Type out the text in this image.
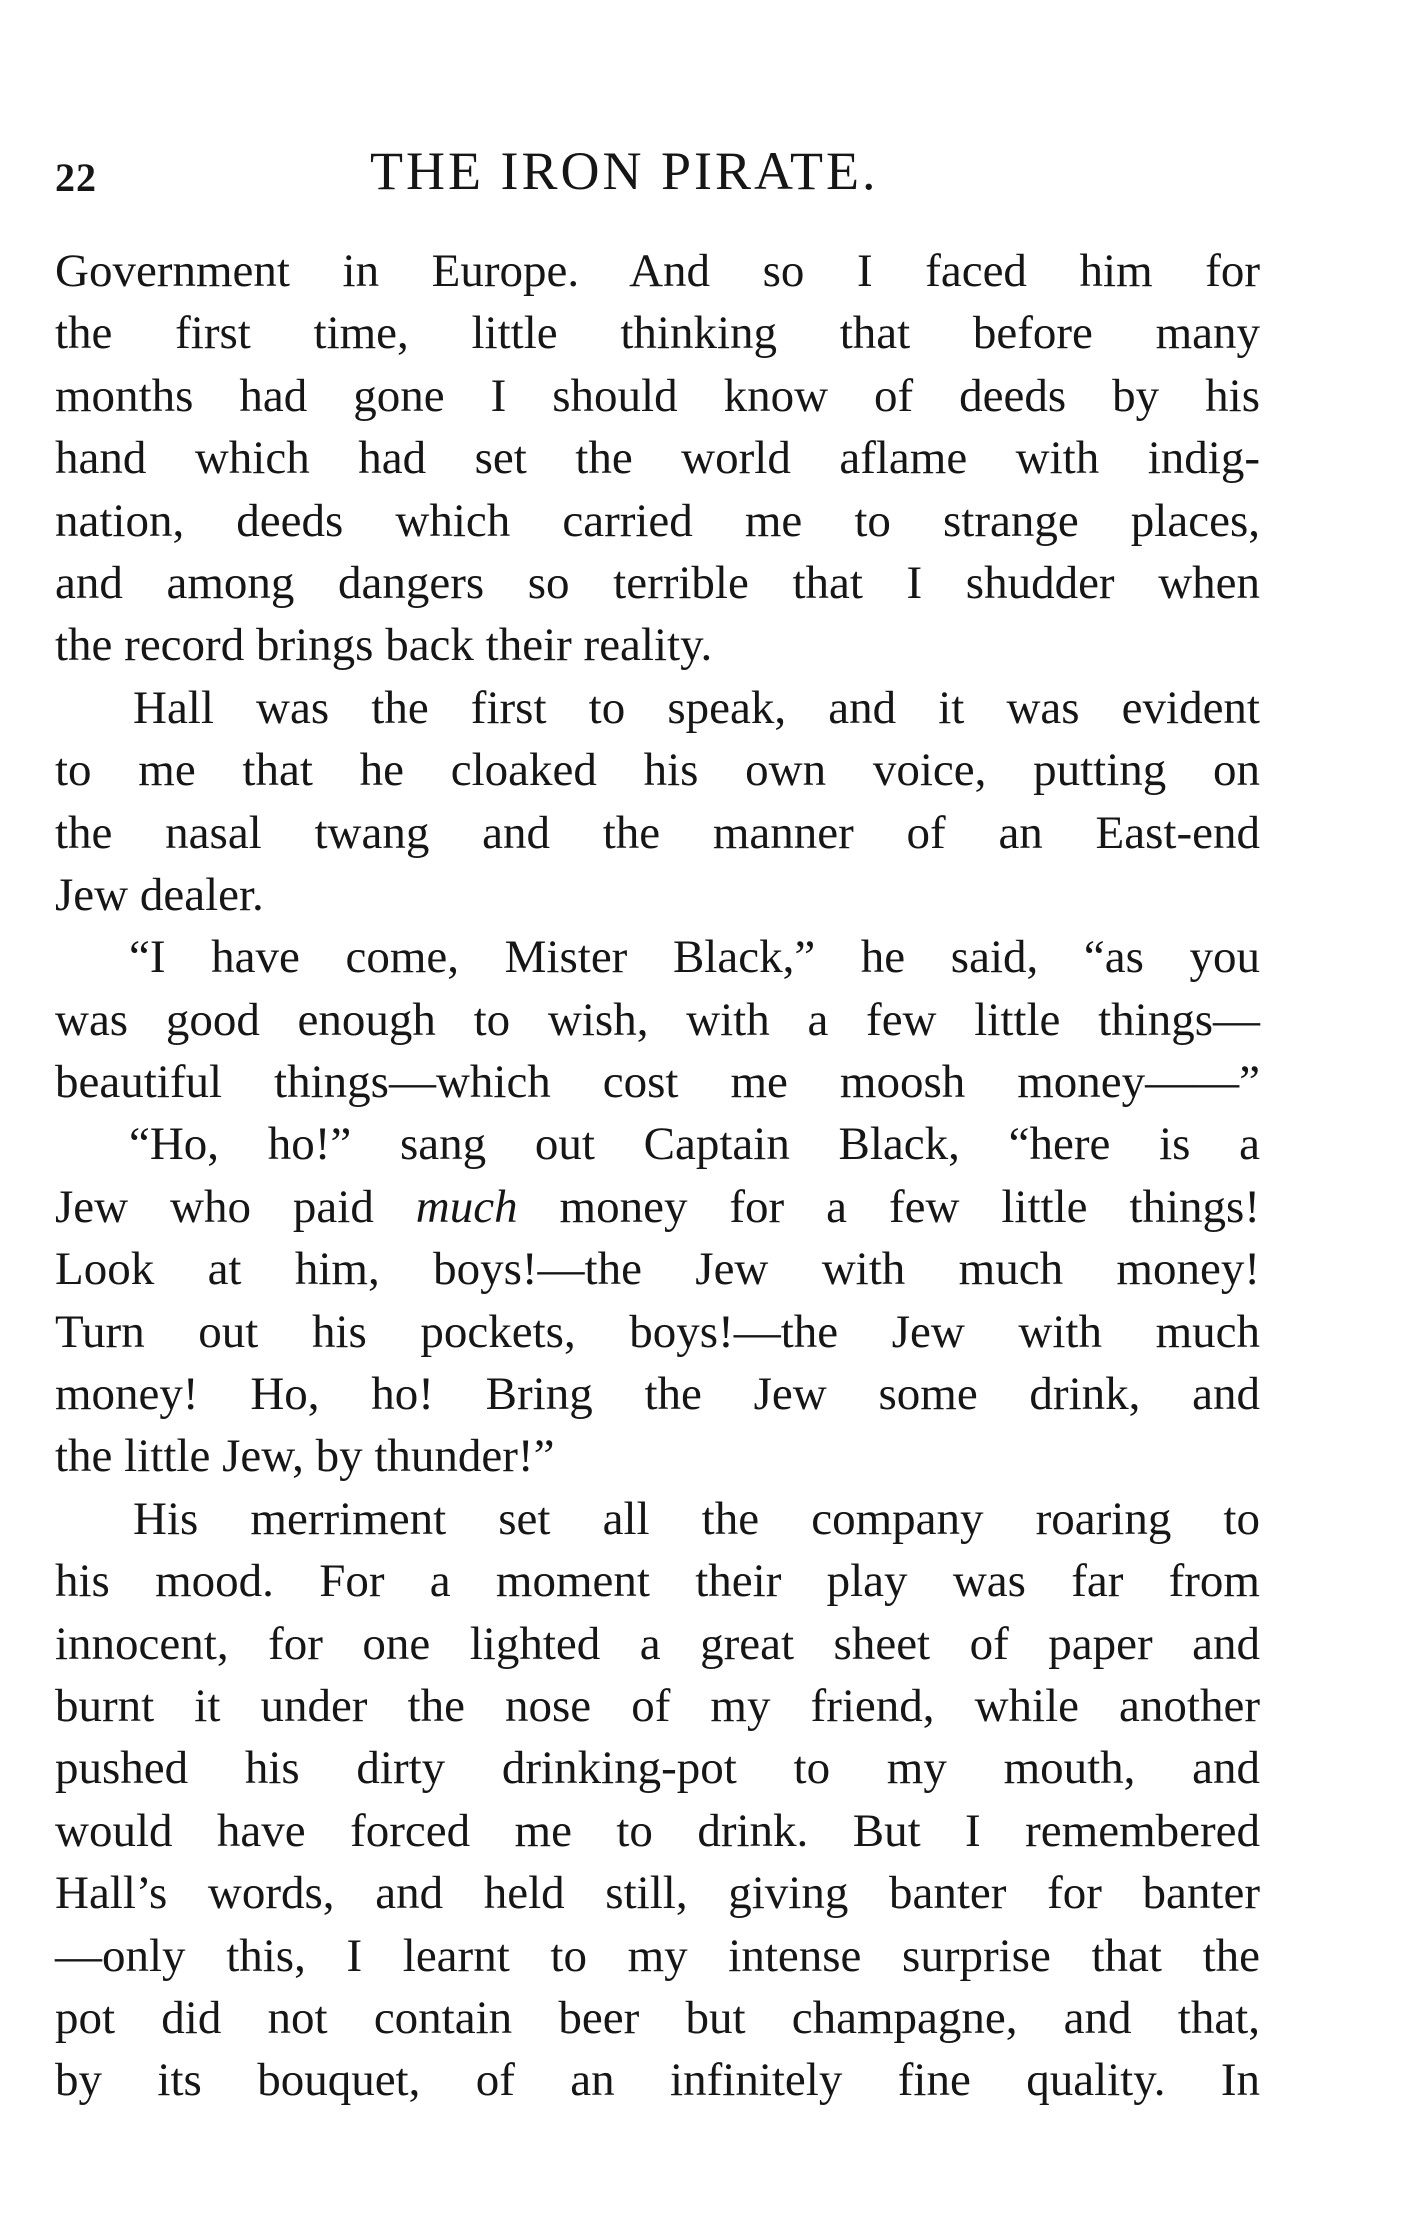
22	THE IRON PIRATE.
Government in Europe. And so I faced him for
the first time, little thinking that before many
months had gone I should know of deeds by his
hand which had set the world aflame with indig-
nation, deeds which carried me to strange places,
and among dangers so terrible that I shudder when
the record brings back their reality.
Hall was the first to speak, and it was evident
to me that he cloaked his own voice, putting on
the nasal twang and the manner of an East-end
Jew dealer.
“I have come, Mister Black,” he said, “as you
was good enough to wish, with a few little things—
beautiful things—which cost me moosh money——”
“Ho, ho!” sang out Captain Black, “here is a
Jew who paid much money for a few little things!
Look at him, boys!—the Jew with much money!
Turn out his pockets, boys!—the Jew with much
money! Ho, ho! Bring the Jew some drink, and
the little Jew, by thunder!”
His merriment set all the company roaring to
his mood. For a moment their play was far from
innocent, for one lighted a great sheet of paper and
burnt it under the nose of my friend, while another
pushed his dirty drinking-pot to my mouth, and
would have forced me to drink. But I remembered
Hall’s words, and held still, giving banter for banter
—only this, I learnt to my intense surprise that the
pot did not contain beer but champagne, and that,
by its bouquet, of an infinitely fine quality. In
